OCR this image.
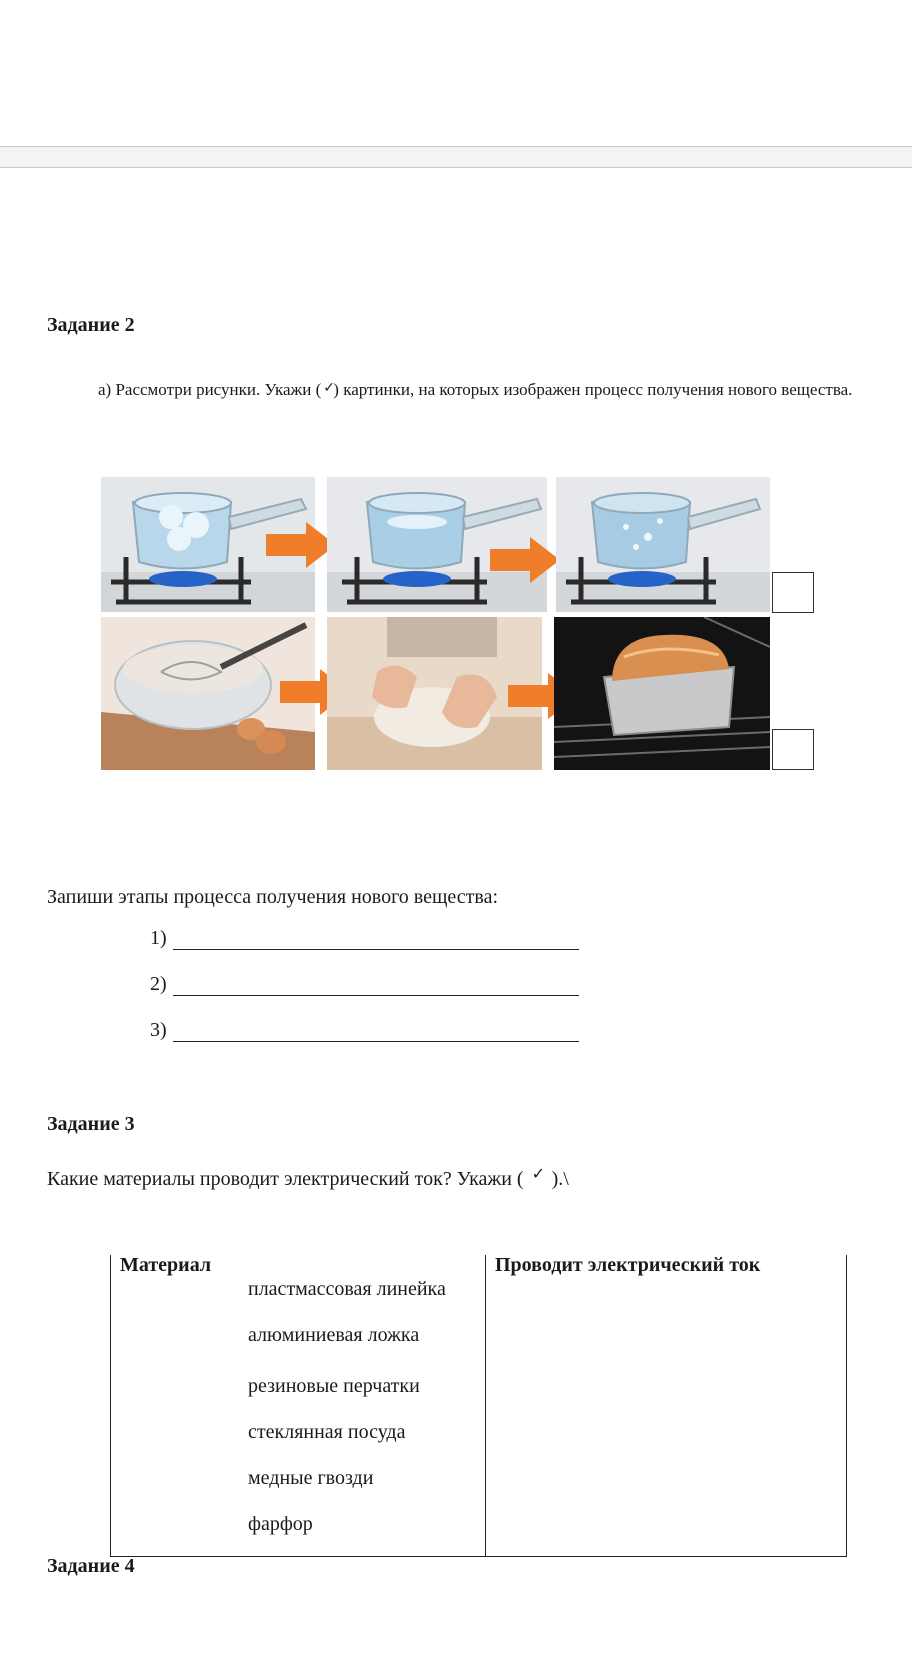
Задание 2
а) Рассмотри рисунки. Укажи ( ✓
) картинки, на которых изображен процесс получения нового вещества.
Запиши этапы процесса получения нового вещества:
1)
2)
3)
Задание 3
Какие материалы проводит электрический ток? Укажи ( ✓ ).\
Материал	Проводит электрический ток
пластмассовая линейка
алюминиевая ложка
резиновые перчатки
стеклянная посуда
медные гвозди
фарфор
Задание 4
